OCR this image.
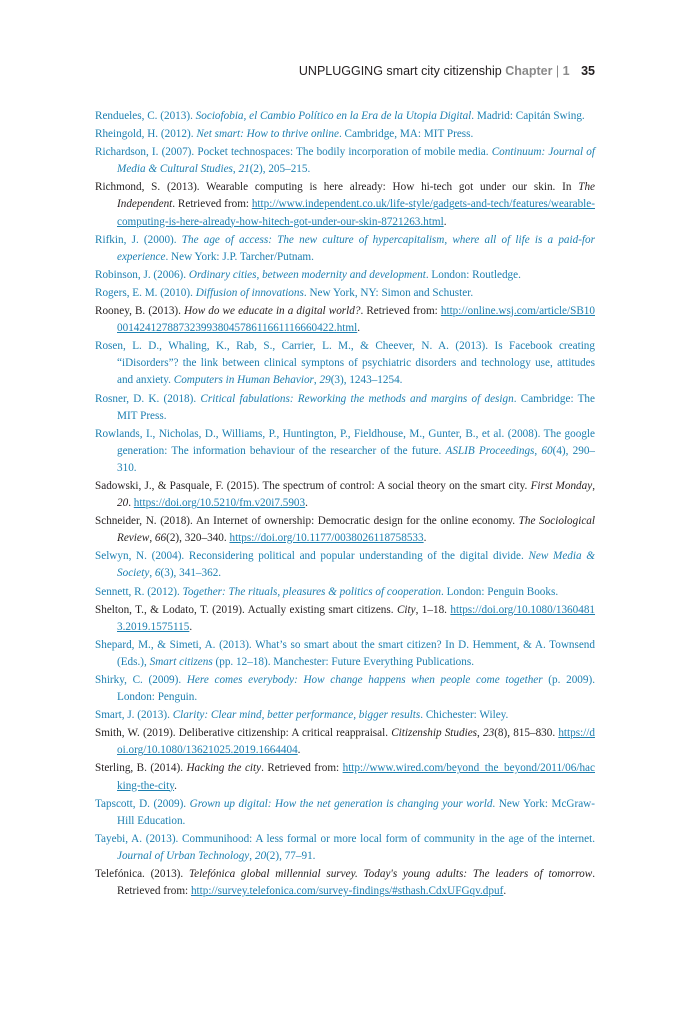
UNPLUGGING smart city citizenship Chapter | 1 35
Rendueles, C. (2013). Sociofobia, el Cambio Político en la Era de la Utopia Digital. Madrid: Capitán Swing.
Rheingold, H. (2012). Net smart: How to thrive online. Cambridge, MA: MIT Press.
Richardson, I. (2007). Pocket technospaces: The bodily incorporation of mobile media. Continuum: Journal of Media & Cultural Studies, 21(2), 205–215.
Richmond, S. (2013). Wearable computing is here already: How hi-tech got under our skin. In The Independent. Retrieved from: http://www.independent.co.uk/life-style/gadgets-and-tech/features/wearable-computing-is-here-already-how-hitech-got-under-our-skin-8721263.html.
Rifkin, J. (2000). The age of access: The new culture of hypercapitalism, where all of life is a paid-for experience. New York: J.P. Tarcher/Putnam.
Robinson, J. (2006). Ordinary cities, between modernity and development. London: Routledge.
Rogers, E. M. (2010). Diffusion of innovations. New York, NY: Simon and Schuster.
Rooney, B. (2013). How do we educate in a digital world?. Retrieved from: http://online.wsj.com/article/SB10001424127887323993804578611661116660422.html.
Rosen, L. D., Whaling, K., Rab, S., Carrier, L. M., & Cheever, N. A. (2013). Is Facebook creating “iDisorders”? the link between clinical symptons of psychiatric disorders and technology use, attitudes and anxiety. Computers in Human Behavior, 29(3), 1243–1254.
Rosner, D. K. (2018). Critical fabulations: Reworking the methods and margins of design. Cambridge: The MIT Press.
Rowlands, I., Nicholas, D., Williams, P., Huntington, P., Fieldhouse, M., Gunter, B., et al. (2008). The google generation: The information behaviour of the researcher of the future. ASLIB Proceedings, 60(4), 290–310.
Sadowski, J., & Pasquale, F. (2015). The spectrum of control: A social theory on the smart city. First Monday, 20. https://doi.org/10.5210/fm.v20i7.5903.
Schneider, N. (2018). An Internet of ownership: Democratic design for the online economy. The Sociological Review, 66(2), 320–340. https://doi.org/10.1177/0038026118758533.
Selwyn, N. (2004). Reconsidering political and popular understanding of the digital divide. New Media & Society, 6(3), 341–362.
Sennett, R. (2012). Together: The rituals, pleasures & politics of cooperation. London: Penguin Books.
Shelton, T., & Lodato, T. (2019). Actually existing smart citizens. City, 1–18. https://doi.org/10.1080/13604813.2019.1575115.
Shepard, M., & Simeti, A. (2013). What’s so smart about the smart citizen? In D. Hemment, & A. Townsend (Eds.), Smart citizens (pp. 12–18). Manchester: Future Everything Publications.
Shirky, C. (2009). Here comes everybody: How change happens when people come together (p. 2009). London: Penguin.
Smart, J. (2013). Clarity: Clear mind, better performance, bigger results. Chichester: Wiley.
Smith, W. (2019). Deliberative citizenship: A critical reappraisal. Citizenship Studies, 23(8), 815–830. https://doi.org/10.1080/13621025.2019.1664404.
Sterling, B. (2014). Hacking the city. Retrieved from: http://www.wired.com/beyond_the_beyond/2011/06/hacking-the-city.
Tapscott, D. (2009). Grown up digital: How the net generation is changing your world. New York: McGraw-Hill Education.
Tayebi, A. (2013). Communihood: A less formal or more local form of community in the age of the internet. Journal of Urban Technology, 20(2), 77–91.
Telefónica. (2013). Telefónica global millennial survey. Today's young adults: The leaders of tomorrow. Retrieved from: http://survey.telefonica.com/survey-findings/#sthash.CdxUFGqv.dpuf.
